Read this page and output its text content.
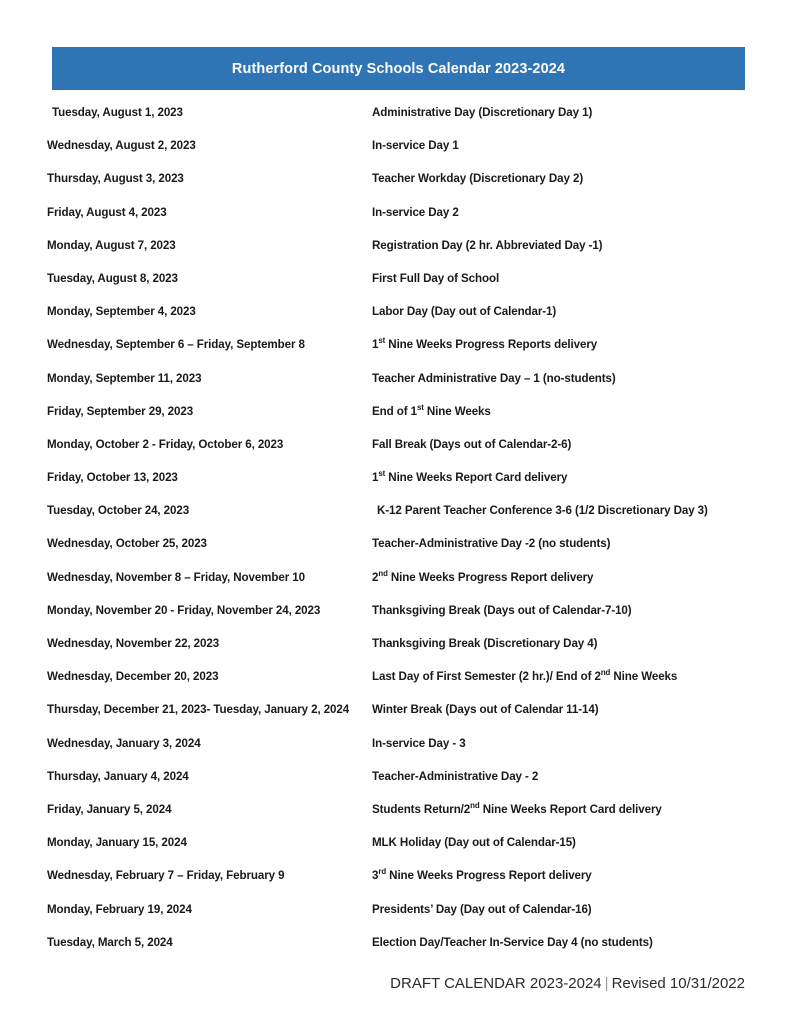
Rutherford County Schools Calendar 2023-2024
Tuesday, August 1, 2023	Administrative Day (Discretionary Day 1)
Wednesday, August 2, 2023	In-service Day 1
Thursday, August 3, 2023	Teacher Workday (Discretionary Day 2)
Friday, August 4, 2023	In-service Day 2
Monday, August 7, 2023	Registration Day (2 hr. Abbreviated Day -1)
Tuesday, August 8, 2023	First Full Day of School
Monday, September 4, 2023	Labor Day (Day out of Calendar-1)
Wednesday, September 6 – Friday, September 8	1st Nine Weeks Progress Reports delivery
Monday, September 11, 2023	Teacher Administrative Day – 1 (no-students)
Friday, September 29, 2023	End of 1st Nine Weeks
Monday, October 2 - Friday, October 6, 2023	Fall Break (Days out of Calendar-2-6)
Friday, October 13, 2023	1st Nine Weeks Report Card delivery
Tuesday, October 24, 2023	K-12 Parent Teacher Conference 3-6 (1/2 Discretionary Day 3)
Wednesday, October 25, 2023	Teacher-Administrative Day -2 (no students)
Wednesday, November 8 – Friday, November 10	2nd Nine Weeks Progress Report delivery
Monday, November 20 - Friday, November 24, 2023	Thanksgiving Break (Days out of Calendar-7-10)
Wednesday, November 22, 2023	Thanksgiving Break (Discretionary Day 4)
Wednesday, December 20, 2023	Last Day of First Semester (2 hr.)/ End of 2nd Nine Weeks
Thursday, December 21, 2023- Tuesday, January 2, 2024	Winter Break (Days out of Calendar 11-14)
Wednesday, January 3, 2024	In-service Day - 3
Thursday, January 4, 2024	Teacher-Administrative Day - 2
Friday, January 5, 2024	Students Return/2nd Nine Weeks Report Card delivery
Monday, January 15, 2024	MLK Holiday (Day out of Calendar-15)
Wednesday, February 7 – Friday, February 9	3rd Nine Weeks Progress Report delivery
Monday, February 19, 2024	Presidents’ Day (Day out of Calendar-16)
Tuesday, March 5, 2024	Election Day/Teacher In-Service Day 4 (no students)
DRAFT CALENDAR 2023-2024 | Revised 10/31/2022
